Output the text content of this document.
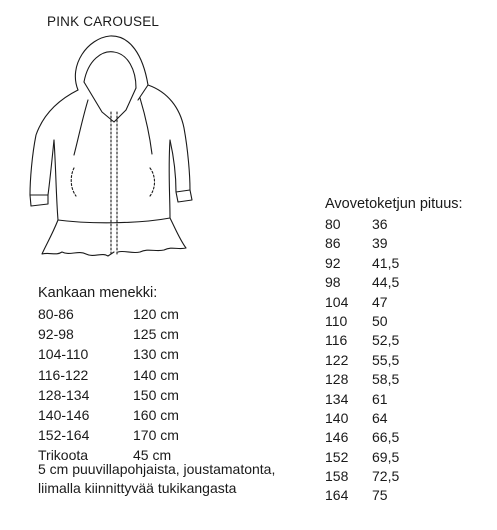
PINK CAROUSEL
Kankaan menekki:
80-86	120 cm
92-98	125 cm
104-110	130 cm
116-122	140 cm
128-134	150 cm
140-146	160 cm
152-164	170 cm
Trikoota	45 cm
5 cm puuvillapohjaista, joustamatonta,
liimalla kiinnittyvää tukikangasta
Avovetoketjun pituus:
80	36
86	39
92	41,5
98	44,5
104	47
110	50
116	52,5
122	55,5
128	58,5
134	61
140	64
146	66,5
152	69,5
158	72,5
164	75
